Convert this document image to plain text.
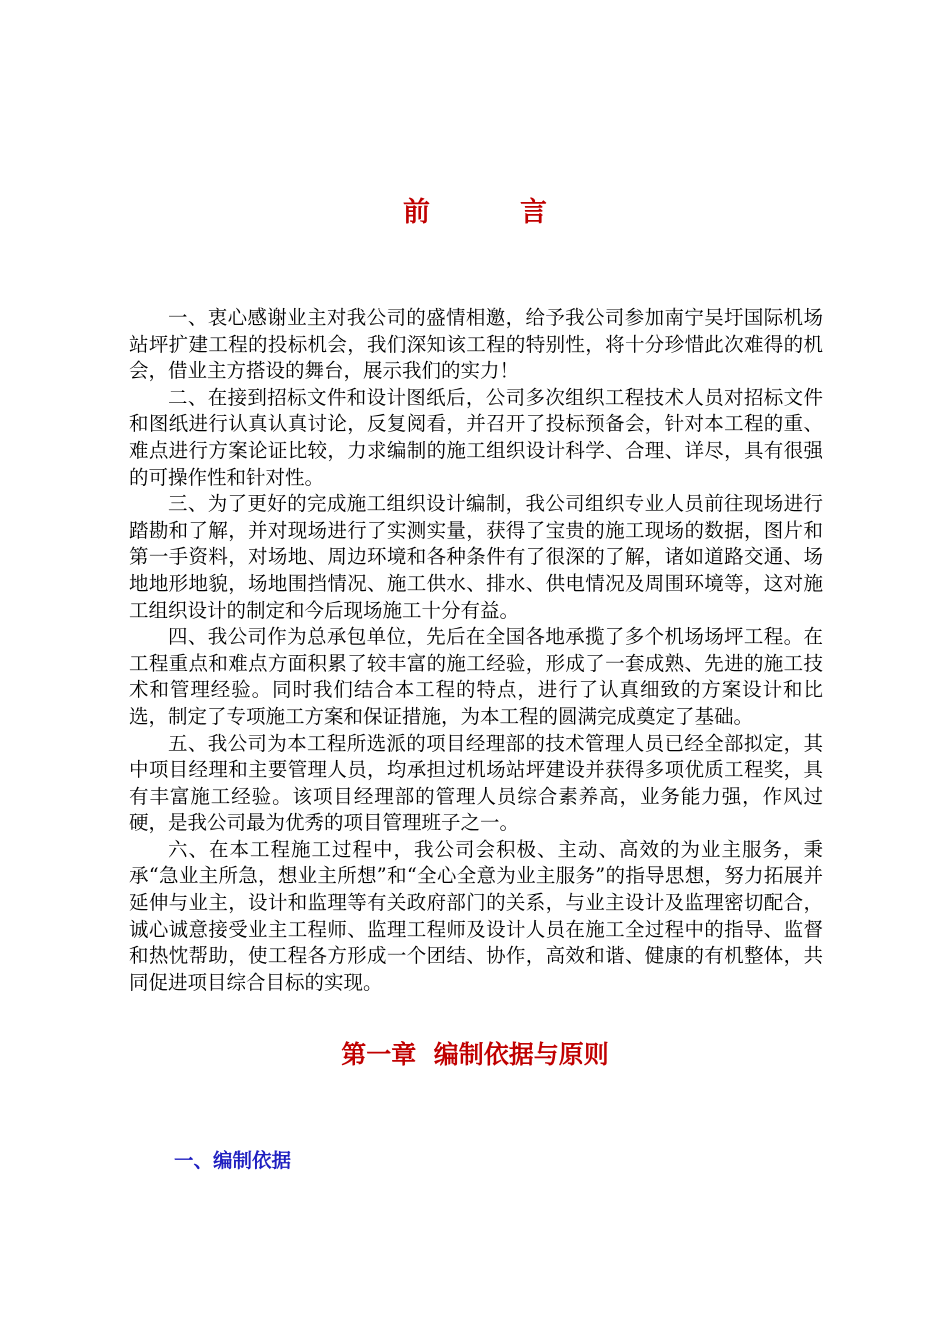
前言

一、衷心感谢业主对我公司的盛情相邀，给予我公司参加南宁吴圩国际机场站坪扩建工程的投标机会，我们深知该工程的特别性，将十分珍惜此次难得的机会，借业主方搭设的舞台，展示我们的实力！

二、在接到招标文件和设计图纸后，公司多次组织工程技术人员对招标文件和图纸进行认真认真讨论，反复阅看，并召开了投标预备会，针对本工程的重、难点进行方案论证比较，力求编制的施工组织设计科学、合理、详尽，具有很强的可操作性和针对性。

三、为了更好的完成施工组织设计编制，我公司组织专业人员前往现场进行踏勘和了解，并对现场进行了实测实量，获得了宝贵的施工现场的数据，图片和第一手资料，对场地、周边环境和各种条件有了很深的了解，诸如道路交通、场地地形地貌，场地围挡情况、施工供水、排水、供电情况及周围环境等，这对施工组织设计的制定和今后现场施工十分有益。

四、我公司作为总承包单位，先后在全国各地承揽了多个机场场坪工程。在工程重点和难点方面积累了较丰富的施工经验，形成了一套成熟、先进的施工技术和管理经验。同时我们结合本工程的特点，进行了认真细致的方案设计和比选，制定了专项施工方案和保证措施，为本工程的圆满完成奠定了基础。

五、我公司为本工程所选派的项目经理部的技术管理人员已经全部拟定，其中项目经理和主要管理人员，均承担过机场站坪建设并获得多项优质工程奖，具有丰富施工经验。该项目经理部的管理人员综合素养高，业务能力强，作风过硬，是我公司最为优秀的项目管理班子之一。

六、在本工程施工过程中，我公司会积极、主动、高效的为业主服务，秉承“急业主所急，想业主所想”和“全心全意为业主服务”的指导思想，努力拓展并延伸与业主，设计和监理等有关政府部门的关系，与业主设计及监理密切配合，诚心诚意接受业主工程师、监理工程师及设计人员在施工全过程中的指导、监督和热忱帮助，使工程各方形成一个团结、协作，高效和谐、健康的有机整体，共同促进项目综合目标的实现。

第一章  编制依据与原则
一、编制依据
